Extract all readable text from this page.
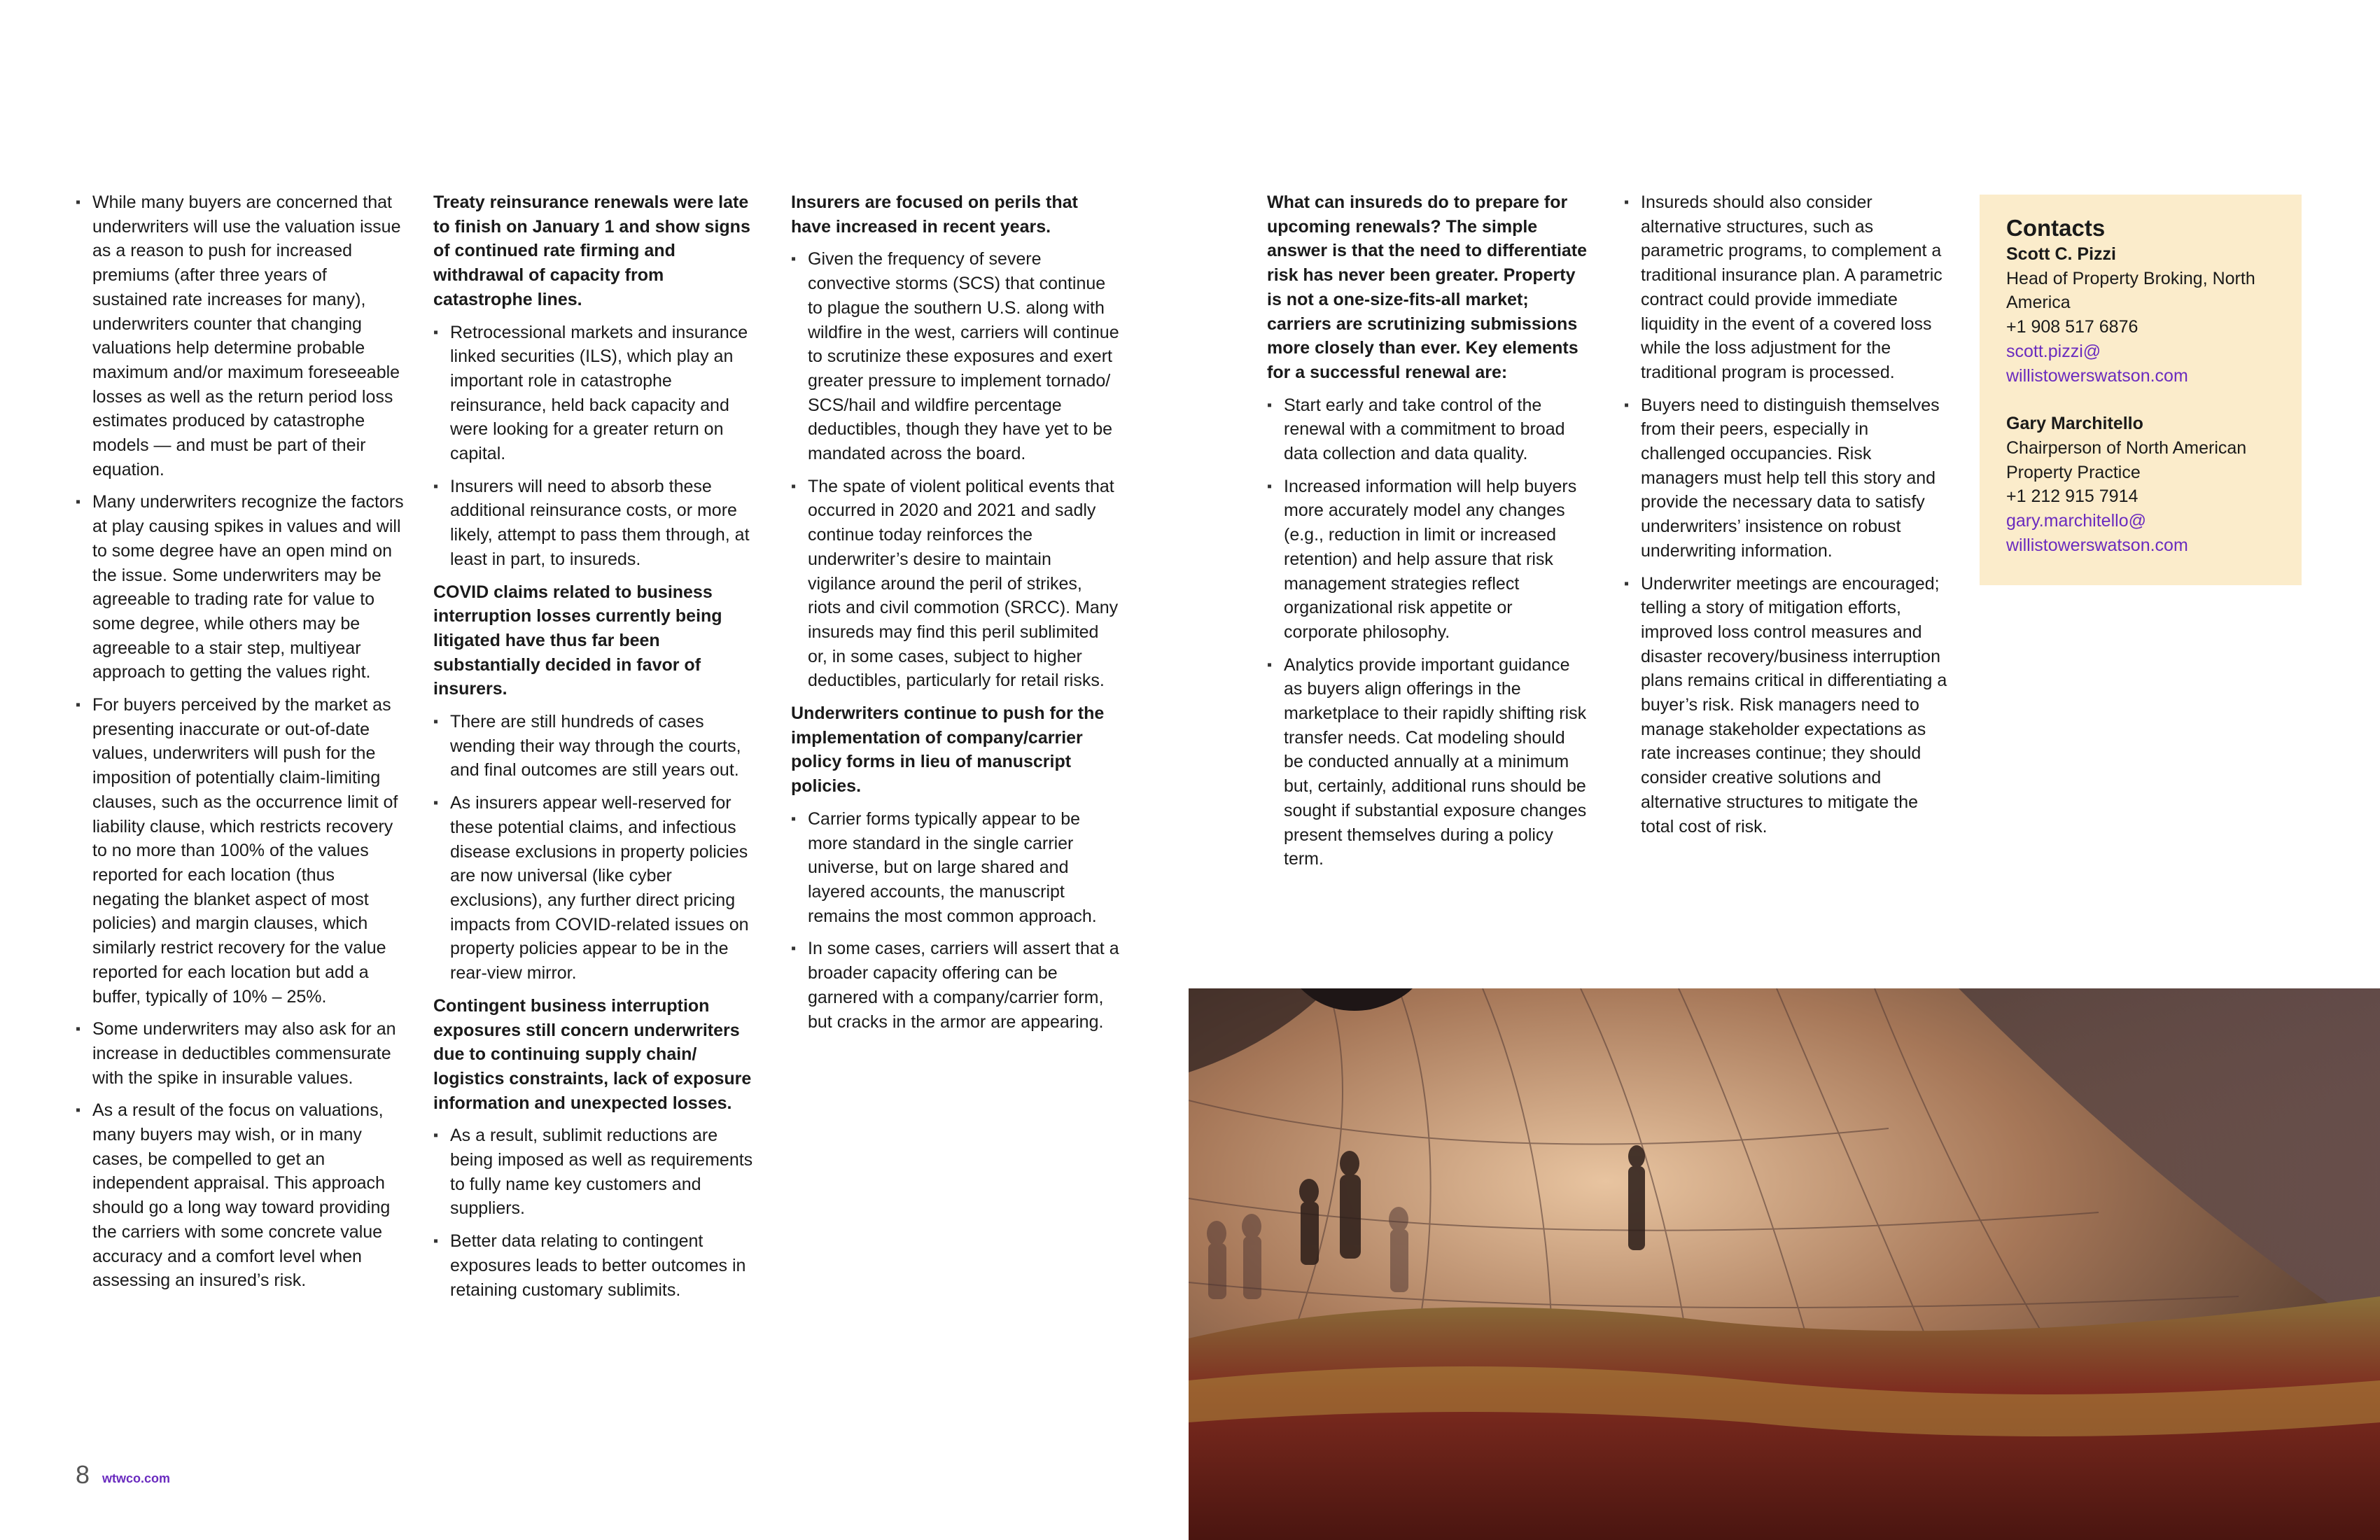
▪ While many buyers are concerned that underwriters will use the valuation issue as a reason to push for increased premiums (after three years of sustained rate increases for many), underwriters counter that changing valuations help determine probable maximum and/or maximum foreseeable losses as well as the return period loss estimates produced by catastrophe models — and must be part of their equation.
▪ Many underwriters recognize the factors at play causing spikes in values and will to some degree have an open mind on the issue. Some underwriters may be agreeable to trading rate for value to some degree, while others may be agreeable to a stair step, multiyear approach to getting the values right.
▪ For buyers perceived by the market as presenting inaccurate or out-of-date values, underwriters will push for the imposition of potentially claim-limiting clauses, such as the occurrence limit of liability clause, which restricts recovery to no more than 100% of the values reported for each location (thus negating the blanket aspect of most policies) and margin clauses, which similarly restrict recovery for the value reported for each location but add a buffer, typically of 10% – 25%.
▪ Some underwriters may also ask for an increase in deductibles commensurate with the spike in insurable values.
▪ As a result of the focus on valuations, many buyers may wish, or in many cases, be compelled to get an independent appraisal. This approach should go a long way toward providing the carriers with some concrete value accuracy and a comfort level when assessing an insured’s risk.
Treaty reinsurance renewals were late to finish on January 1 and show signs of continued rate firming and withdrawal of capacity from catastrophe lines.
▪ Retrocessional markets and insurance linked securities (ILS), which play an important role in catastrophe reinsurance, held back capacity and were looking for a greater return on capital.
▪ Insurers will need to absorb these additional reinsurance costs, or more likely, attempt to pass them through, at least in part, to insureds.
COVID claims related to business interruption losses currently being litigated have thus far been substantially decided in favor of insurers.
▪ There are still hundreds of cases wending their way through the courts, and final outcomes are still years out.
▪ As insurers appear well-reserved for these potential claims, and infectious disease exclusions in property policies are now universal (like cyber exclusions), any further direct pricing impacts from COVID-related issues on property policies appear to be in the rear-view mirror.
Contingent business interruption exposures still concern underwriters due to continuing supply chain/ logistics constraints, lack of exposure information and unexpected losses.
▪ As a result, sublimit reductions are being imposed as well as requirements to fully name key customers and suppliers.
▪ Better data relating to contingent exposures leads to better outcomes in retaining customary sublimits.
Insurers are focused on perils that have increased in recent years.
▪ Given the frequency of severe convective storms (SCS) that continue to plague the southern U.S. along with wildfire in the west, carriers will continue to scrutinize these exposures and exert greater pressure to implement tornado/ SCS/hail and wildfire percentage deductibles, though they have yet to be mandated across the board.
▪ The spate of violent political events that occurred in 2020 and 2021 and sadly continue today reinforces the underwriter’s desire to maintain vigilance around the peril of strikes, riots and civil commotion (SRCC). Many insureds may find this peril sublimited or, in some cases, subject to higher deductibles, particularly for retail risks.
Underwriters continue to push for the implementation of company/carrier policy forms in lieu of manuscript policies.
▪ Carrier forms typically appear to be more standard in the single carrier universe, but on large shared and layered accounts, the manuscript remains the most common approach.
▪ In some cases, carriers will assert that a broader capacity offering can be garnered with a company/carrier form, but cracks in the armor are appearing.
What can insureds do to prepare for upcoming renewals? The simple answer is that the need to differentiate risk has never been greater. Property is not a one-size-fits-all market; carriers are scrutinizing submissions more closely than ever. Key elements for a successful renewal are:
▪ Start early and take control of the renewal with a commitment to broad data collection and data quality.
▪ Increased information will help buyers more accurately model any changes (e.g., reduction in limit or increased retention) and help assure that risk management strategies reflect organizational risk appetite or corporate philosophy.
▪ Analytics provide important guidance as buyers align offerings in the marketplace to their rapidly shifting risk transfer needs. Cat modeling should be conducted annually at a minimum but, certainly, additional runs should be sought if substantial exposure changes present themselves during a policy term.
▪ Insureds should also consider alternative structures, such as parametric programs, to complement a traditional insurance plan. A parametric contract could provide immediate liquidity in the event of a covered loss while the loss adjustment for the traditional program is processed.
▪ Buyers need to distinguish themselves from their peers, especially in challenged occupancies. Risk managers must help tell this story and provide the necessary data to satisfy underwriters’ insistence on robust underwriting information.
▪ Underwriter meetings are encouraged; telling a story of mitigation efforts, improved loss control measures and disaster recovery/business interruption plans remains critical in differentiating a buyer’s risk. Risk managers need to manage stakeholder expectations as rate increases continue; they should consider creative solutions and alternative structures to mitigate the total cost of risk.
Contacts
Scott C. Pizzi
Head of Property Broking, North America
+1 908 517 6876
scott.pizzi@
willistowerswatson.com
Gary Marchitello
Chairperson of North American Property Practice
+1 212 915 7914
gary.marchitello@
willistowerswatson.com
8 wtwco.com
